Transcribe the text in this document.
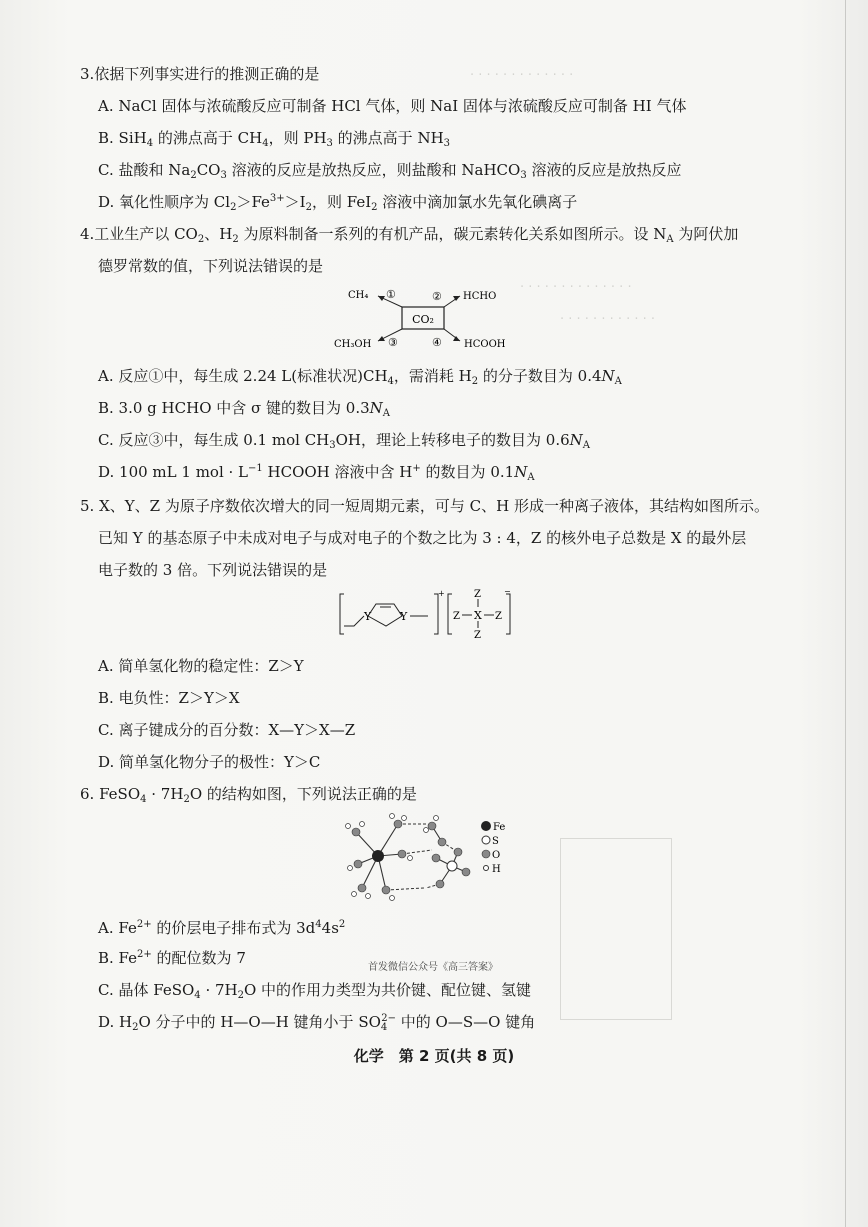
· · · · · · · · · · · · ·
· · · · · · · · · · · · · ·
· · · · · · · · · · · ·
3.依据下列事实进行的推测正确的是
A. NaCl 固体与浓硫酸反应可制备 HCl 气体，则 NaI 固体与浓硫酸反应可制备 HI 气体
B. SiH$_4$ 的沸点高于 $CH_4$，则 $PH_3$ 的沸点高于 $NH_3$
C. 盐酸和 $Na_2CO_3$ 溶液的反应是放热反应，则盐酸和 NaHCO$_3$ 溶液的反应是放热反应
D. 氧化性顺序为 $Cl_2>Fe^{3+}>I_2$，则 FeI$_2$ 溶液中滴加氯水先氧化碘离子
4.工业生产以 $CO_2$、$H_2$ 为原料制备一系列的有机产品，碳元素转化关系如图所示。设 $N_A$ 为阿伏加
德罗常数的值，下列说法错误的是
CO₂
CH₄	HCHO
CH₃OH	HCOOH
①	②
③	④
A. 反应①中，每生成 2.24 L(标准状况)$CH_4$，需消耗 $H_2$ 的分子数目为 $0.4N_A$
B. 3.0 g HCHO 中含 σ 键的数目为 $0.3N_A$
C. 反应③中，每生成 0.1 mol $CH_3OH$，理论上转移电子的数目为 $0.6N_A$
D. 100 mL 1 mol · $L^{-1}$ HCOOH 溶液中含 H+ 的数目为 $0.1N_A$
5. X、Y、Z 为原子序数依次增大的同一短周期元素，可与 C、H 形成一种离子液体，其结构如图所示。
已知 Y 的基态原子中未成对电子与成对电子的个数之比为 3 : 4，Z 的核外电子总数是 X 的最外层
电子数的 3 倍。下列说法错误的是
+
Y	Y
−
X
Z
Z
Z	Z
A. 简单氢化物的稳定性：Z＞Y
B. 电负性：Z＞Y＞X
C. 离子键成分的百分数：X—Y＞X—Z
D. 简单氢化物分子的极性：Y＞C
6. FeSO$_4$ · $7H_2O$ 的结构如图，下列说法正确的是
Fe
S
O
H
A. $Fe^{2+}$ 的价层电子排布式为 $3d^44s^2$
B. $Fe^{2+}$ 的配位数为 7
首发微信公众号《高三答案》
C. 晶体 FeSO$_4$ · $7H_2O$ 中的作用力类型为共价键、配位键、氢键
D. $H_2O$ 分子中的 H—O—H 键角小于 $SO_4^{2-}$ 中的 O—S—O 键角
化学　第 2 页(共 8 页)
